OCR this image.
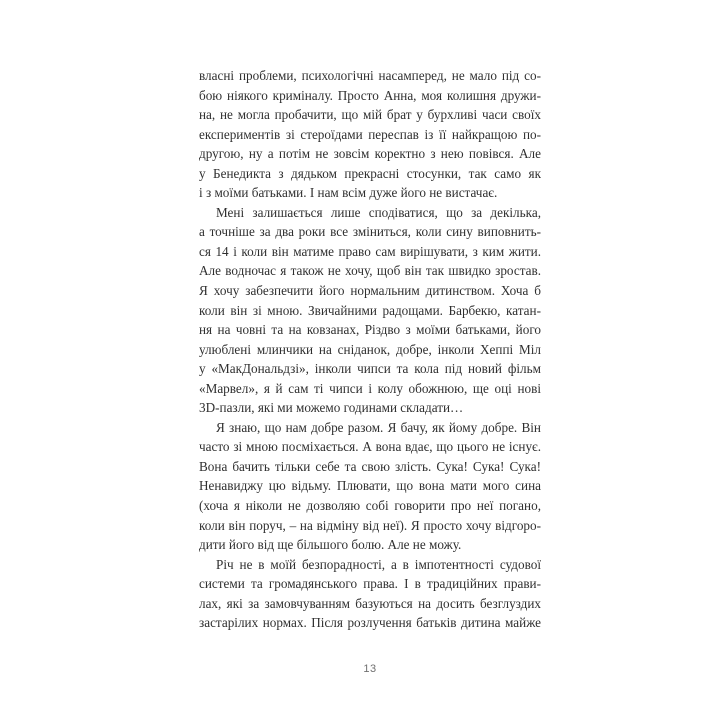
власні проблеми, психологічні насамперед, не мало під со-
бою ніякого криміналу. Просто Анна, моя колишня дружи-
на, не могла пробачити, що мій брат у бурхливі часи своїх
експериментів зі стероїдами переспав із її найкращою по-
другою, ну а потім не зовсім коректно з нею повівся. Але
у Бенедикта з дядьком прекрасні стосунки, так само як
і з моїми батьками. І нам всім дуже його не вистачає.
Мені залишається лише сподіватися, що за декілька,
а точніше за два роки все зміниться, коли сину виповнить-
ся 14 і коли він матиме право сам вирішувати, з ким жити.
Але водночас я також не хочу, щоб він так швидко зростав.
Я хочу забезпечити його нормальним дитинством. Хоча б
коли він зі мною. Звичайними радощами. Барбекю, катан-
ня на човні та на ковзанах, Різдво з моїми батьками, його
улюблені млинчики на сніданок, добре, інколи Хеппі Міл
у «МакДональдзі», інколи чипси та кола під новий фільм
«Марвел», я й сам ті чипси і колу обожнюю, ще оці нові
3D-пазли, які ми можемо годинами складати…
Я знаю, що нам добре разом. Я бачу, як йому добре. Він
часто зі мною посміхається. А вона вдає, що цього не існує.
Вона бачить тільки себе та свою злість. Сука! Сука! Сука!
Ненавиджу цю відьму. Плювати, що вона мати мого сина
(хоча я ніколи не дозволяю собі говорити про неї погано,
коли він поруч, – на відміну від неї). Я просто хочу відгоро-
дити його від ще більшого болю. Але не можу.
Річ не в моїй безпорадності, а в імпотентності судової
системи та громадянського права. І в традиційних прави-
лах, які за замовчуванням базуються на досить безглуздих
застарілих нормах. Після розлучення батьків дитина майже
13
